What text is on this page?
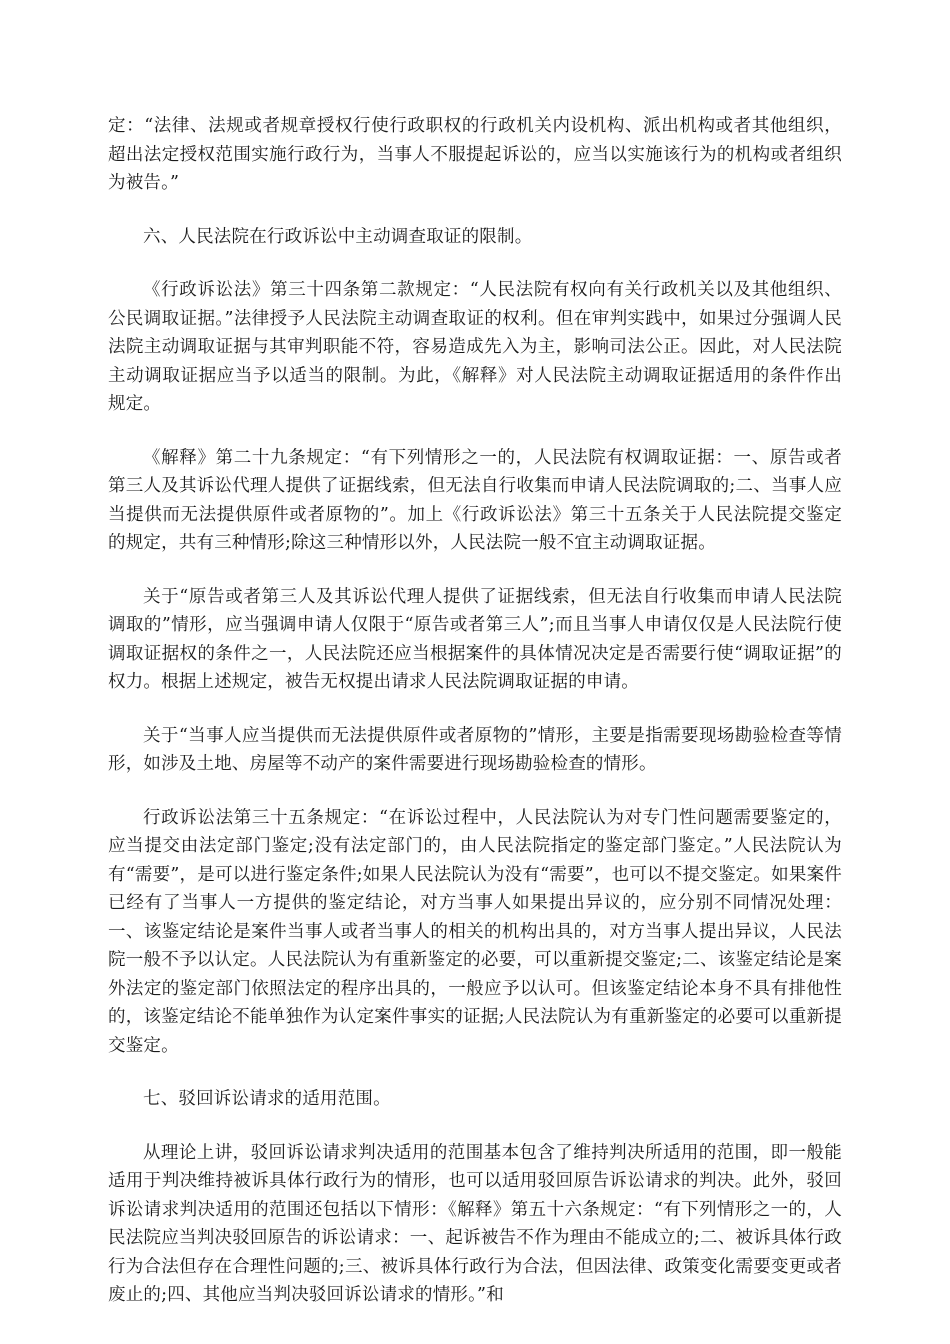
定：“法律、法规或者规章授权行使行政职权的行政机关内设机构、派出机构或者其他组织，超出法定授权范围实施行政行为，当事人不服提起诉讼的，应当以实施该行为的机构或者组织为被告。”

六、人民法院在行政诉讼中主动调查取证的限制。

《行政诉讼法》第三十四条第二款规定：“人民法院有权向有关行政机关以及其他组织、公民调取证据。”法律授予人民法院主动调查取证的权利。但在审判实践中，如果过分强调人民法院主动调取证据与其审判职能不符，容易造成先入为主，影响司法公正。因此，对人民法院主动调取证据应当予以适当的限制。为此，《解释》对人民法院主动调取证据适用的条件作出规定。

《解释》第二十九条规定：“有下列情形之一的，人民法院有权调取证据：一、原告或者第三人及其诉讼代理人提供了证据线索，但无法自行收集而申请人民法院调取的;二、当事人应当提供而无法提供原件或者原物的”。加上《行政诉讼法》第三十五条关于人民法院提交鉴定的规定，共有三种情形;除这三种情形以外，人民法院一般不宜主动调取证据。

关于“原告或者第三人及其诉讼代理人提供了证据线索，但无法自行收集而申请人民法院调取的”情形，应当强调申请人仅限于“原告或者第三人”;而且当事人申请仅仅是人民法院行使调取证据权的条件之一，人民法院还应当根据案件的具体情况决定是否需要行使“调取证据”的权力。根据上述规定，被告无权提出请求人民法院调取证据的申请。

关于“当事人应当提供而无法提供原件或者原物的”情形，主要是指需要现场勘验检查等情形，如涉及土地、房屋等不动产的案件需要进行现场勘验检查的情形。

行政诉讼法第三十五条规定：“在诉讼过程中，人民法院认为对专门性问题需要鉴定的，应当提交由法定部门鉴定;没有法定部门的，由人民法院指定的鉴定部门鉴定。”人民法院认为有“需要”，是可以进行鉴定条件;如果人民法院认为没有“需要”，也可以不提交鉴定。如果案件已经有了当事人一方提供的鉴定结论，对方当事人如果提出异议的，应分别不同情况处理：一、该鉴定结论是案件当事人或者当事人的相关的机构出具的，对方当事人提出异议，人民法院一般不予以认定。人民法院认为有重新鉴定的必要，可以重新提交鉴定;二、该鉴定结论是案外法定的鉴定部门依照法定的程序出具的，一般应予以认可。但该鉴定结论本身不具有排他性的，该鉴定结论不能单独作为认定案件事实的证据;人民法院认为有重新鉴定的必要可以重新提交鉴定。

七、驳回诉讼请求的适用范围。

从理论上讲，驳回诉讼请求判决适用的范围基本包含了维持判决所适用的范围，即一般能适用于判决维持被诉具体行政行为的情形，也可以适用驳回原告诉讼请求的判决。此外，驳回诉讼请求判决适用的范围还包括以下情形：《解释》第五十六条规定：“有下列情形之一的，人民法院应当判决驳回原告的诉讼请求：一、起诉被告不作为理由不能成立的;二、被诉具体行政行为合法但存在合理性问题的;三、被诉具体行政行为合法，但因法律、政策变化需要变更或者废止的;四、其他应当判决驳回诉讼请求的情形。”和
